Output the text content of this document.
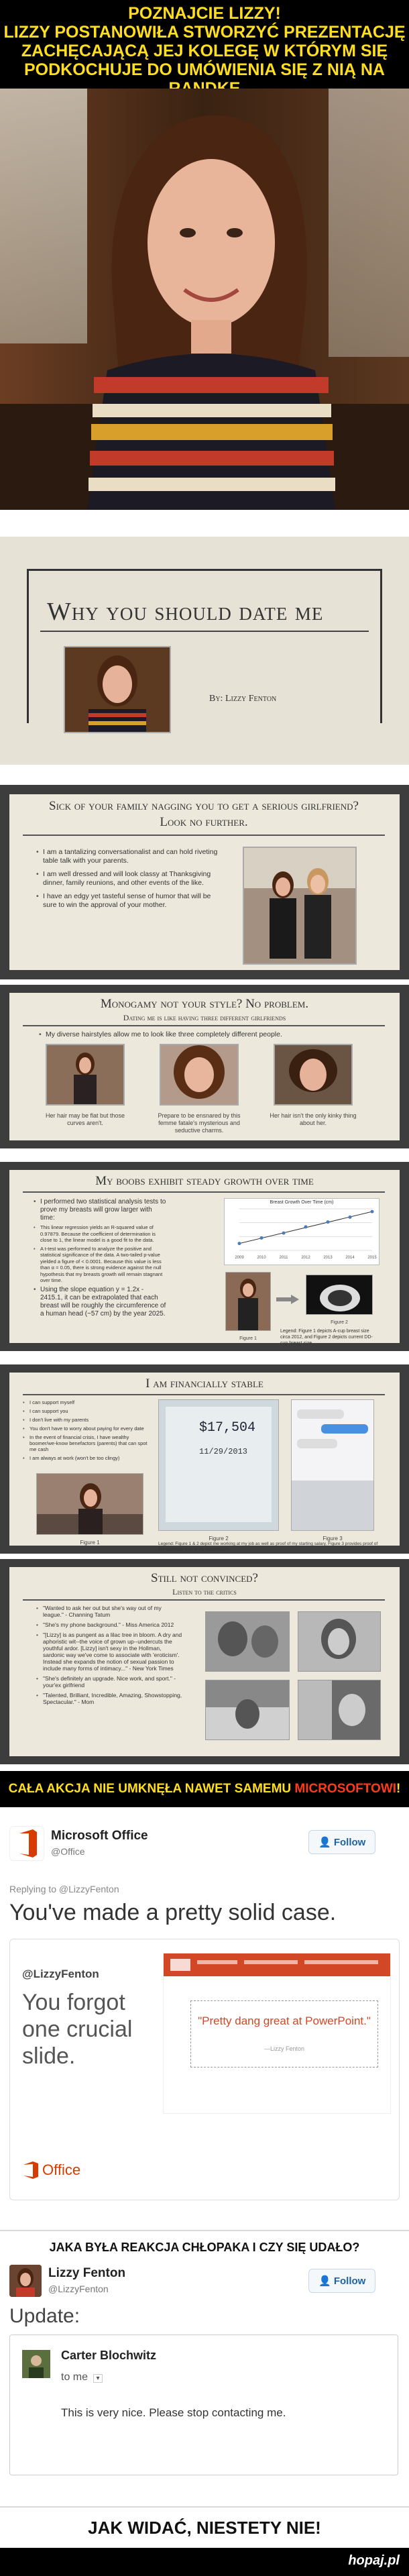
POZNAJCIE LIZZY!
LIZZY POSTANOWIŁA STWORZYĆ PREZENTACJĘ
ZACHĘCAJĄCĄ JEJ KOLEGĘ W KTÓRYM SIĘ
PODKOCHUJE DO UMÓWIENIA SIĘ Z NIĄ NA
Why you should date me
By: Lizzy Fenton
Sick of your family nagging you to get a serious girlfriend? Look no further.
• I am a tantalizing conversationalist and can hold riveting table talk with your parents.
• I am well dressed and will look classy at Thanksgiving dinner, family reunions, and other events of the like.
• I have an edgy yet tasteful sense of humor that will be sure to win the approval of your mother.
Monogamy not your style? No problem.
Dating me is like having three different girlfriends
• My diverse hairstyles allow me to look like three completely different people.
Her hair may be flat but those curves aren't.
Prepare to be ensnared by this femme fatale's mysterious and seductive charms.
Her hair isn't the only kinky thing about her.
My boobs exhibit steady growth over time
• I performed two statistical analysis tests to prove my breasts will grow larger with time:
• This linear regression yields an R-squared value of 0.97879. Because the coefficient of determination is close to 1, the linear model is a good fit to the data.
• A t-test was performed to analyze the positive and statistical significance of the data. A two-tailed p-value yielded a figure of < 0.0001. Because this value is less than α = 0.05, there is strong evidence against the null hypothesis that my breasts growth will remain stagnant over time.
• Using the slope equation y = 1.2x - 2415.1, it can be extrapolated that each breast will be roughly the circumference of a human head (~57 cm) by the year 2025.
Breast Growth Over Time (cm)
2009	2010	2011	2012	2013	2014	2015
Figure 1
Figure 2
Legend: Figure 1 depicts A-cup breast size circa 2012, and Figure 2 depicts current DD-cup breast size.
I am financially stable
• I can support myself
• I can support you
• I don't live with my parents
• You don't have to worry about paying for every date
• In the event of financial crisis, I have wealthy boomer/we-know benefactors (parents) that can spot me cash
• I am always at work (won't be too clingy)
Figure 1
$17,504
11/29/2013
Figure 2	Figure 3
Legend: Figure 1 & 2 depict me working at my job as well as proof of my starting salary. Figure 3 provides proof of the monetary loss to my benefactors.
Still not convinced?
Listen to the critics
• "Wanted to ask her out but she's way out of my league." - Channing Tatum
• "She's my phone background." - Miss America 2012
• "[Lizzy] is as pungent as a lilac tree in bloom. A dry and aphoristic wit--the voice of grown up--undercuts the youthful ardor. [Lizzy] isn't sexy in the Hollman, sardonic way we've come to associate with 'eroticism'. Instead she expands the notion of sexual passion to include many forms of intimacy..." - New York Times
• "She's definitely an upgrade. Nice work, and sport." - your'ex girlfriend
• "Talented, Brilliant, Incredible, Amazing, Showstopping, Spectacular." - Mom
CAŁA AKCJA NIE UMKNĘŁA NAWET SAMEMU MICROSOFTOWI!
Microsoft Office
@Office
👤 Follow
Replying to @LizzyFenton
You've made a pretty solid case.
@LizzyFenton
You forgot one crucial slide.
"Pretty dang great at PowerPoint."
—Lizzy Fenton
Office
JAKA BYŁA REAKCJA CHŁOPAKA I CZY SIĘ UDAŁO?
Lizzy Fenton
@LizzyFenton
👤 Follow
Update:
Carter Blochwitz
to me ▾
This is very nice. Please stop contacting me.
JAK WIDAĆ, NIESTETY NIE!
hopaj.pl
